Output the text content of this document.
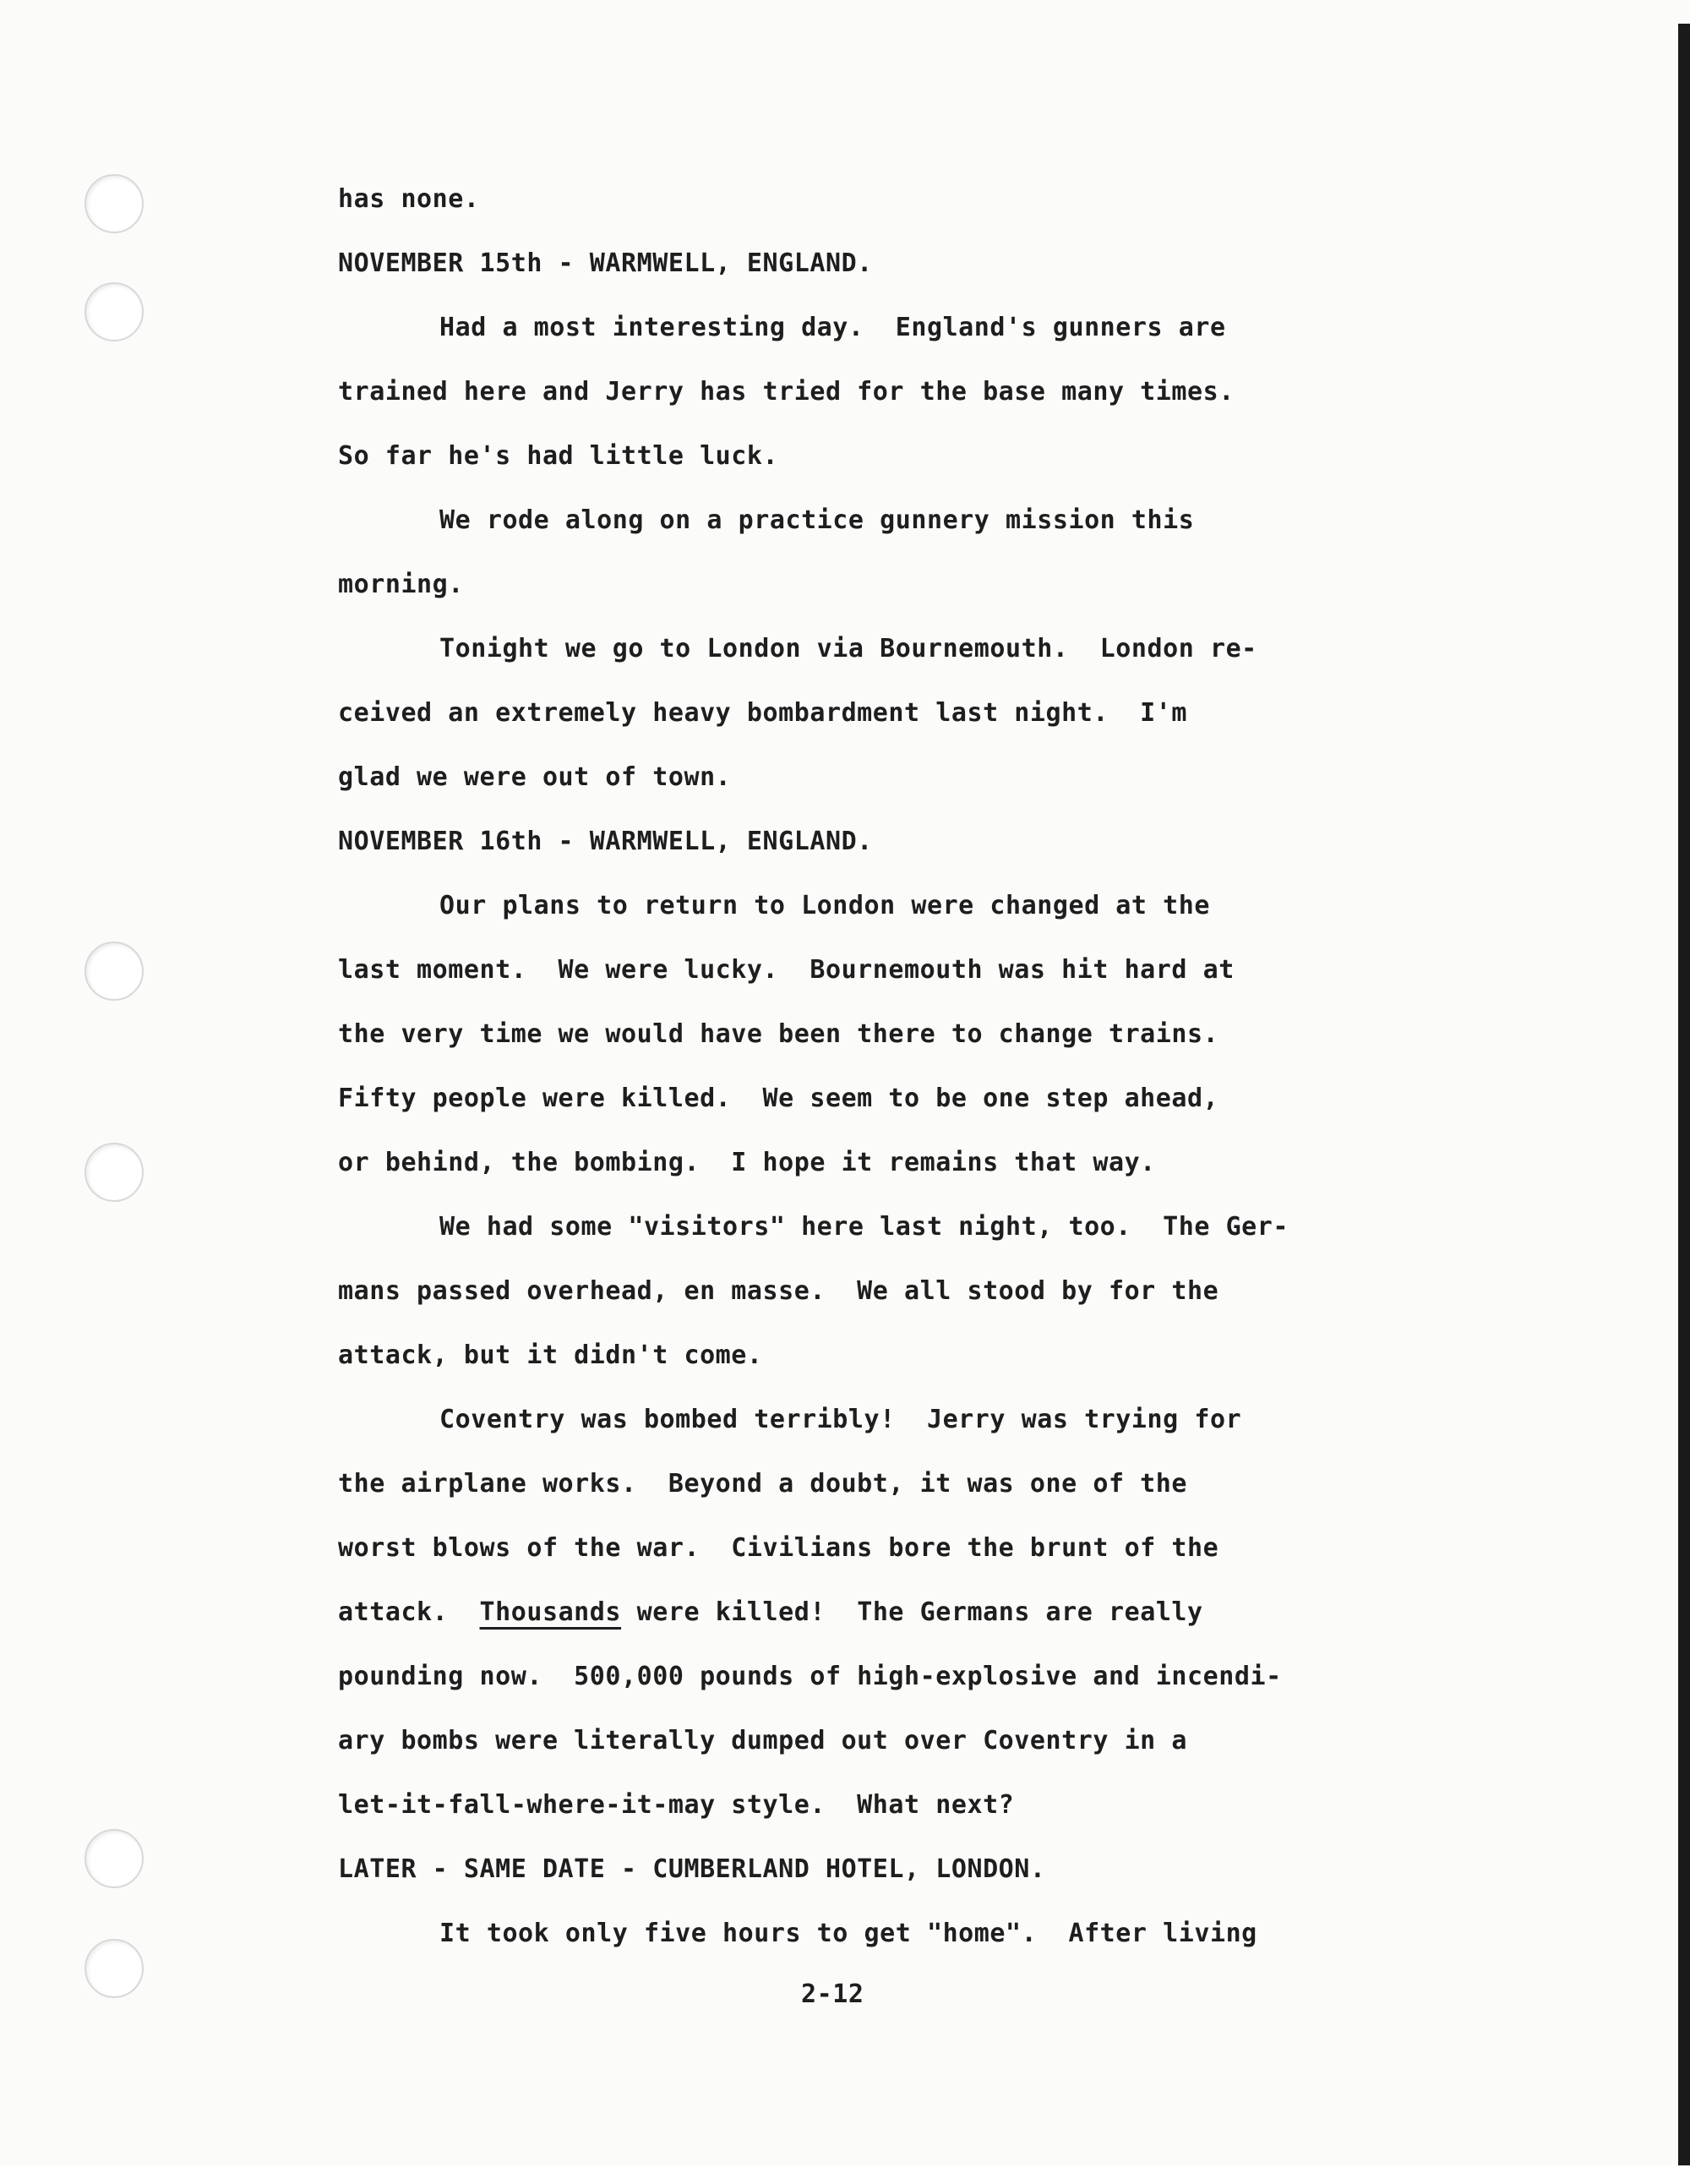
has none.
NOVEMBER 15th - WARMWELL, ENGLAND.
Had a most interesting day.  England's gunners are
trained here and Jerry has tried for the base many times.
So far he's had little luck.
We rode along on a practice gunnery mission this
morning.
Tonight we go to London via Bournemouth.  London re-
ceived an extremely heavy bombardment last night.  I'm
glad we were out of town.
NOVEMBER 16th - WARMWELL, ENGLAND.
Our plans to return to London were changed at the
last moment.  We were lucky.  Bournemouth was hit hard at
the very time we would have been there to change trains.
Fifty people were killed.  We seem to be one step ahead,
or behind, the bombing.  I hope it remains that way.
We had some "visitors" here last night, too.  The Ger-
mans passed overhead, en masse.  We all stood by for the
attack, but it didn't come.
Coventry was bombed terribly!  Jerry was trying for
the airplane works.  Beyond a doubt, it was one of the
worst blows of the war.  Civilians bore the brunt of the
attack.  Thousands were killed!  The Germans are really
pounding now.  500,000 pounds of high-explosive and incendi-
ary bombs were literally dumped out over Coventry in a
let-it-fall-where-it-may style.  What next?
LATER - SAME DATE - CUMBERLAND HOTEL, LONDON.
It took only five hours to get "home".  After living
2-12
